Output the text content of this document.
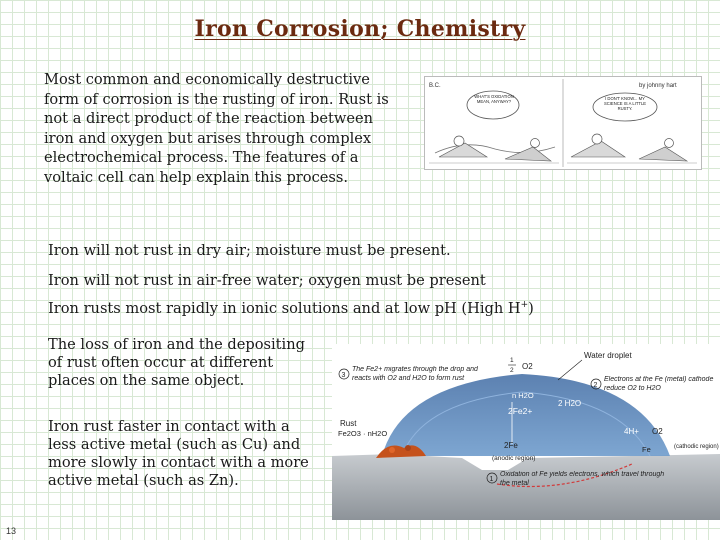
Iron Corrosion; Chemistry
Most common and economically destructive form of corrosion is the rusting of iron. Rust is not a direct product of the reaction between iron and oxygen but arises through complex electrochemical process. The features of a voltaic cell can help explain this process.
B.C.	by johnny hart
WHAT'S OXIDATION MEAN, ANYWAY?
I DON'T KNOW... MY SCIENCE IS A LITTLE RUSTY.
Iron will not rust in dry air; moisture must be present.
Iron will not rust in air-free water; oxygen must be present
Iron rusts most rapidly in ionic solutions and at low pH (High H+)
The loss of iron and the depositing of rust often occur at different places on the same object.
Iron rust faster in contact with a less active metal (such as Cu) and more slowly in contact with a more active metal (such as Zn).
Water droplet
1
2 O2
n H2O
2Fe2+
2 H2O
2Fe
(anodic region)
4H+ O2
Fe	(cathodic region)
Rust
Fe2O3 · nH2O
3
The Fe2+ migrates through the drop and reacts with O2 and H2O to form rust
2
Electrons at the Fe (metal) cathode reduce O2 to H2O
1
Oxidation of Fe yields electrons, which travel through the metal
13
